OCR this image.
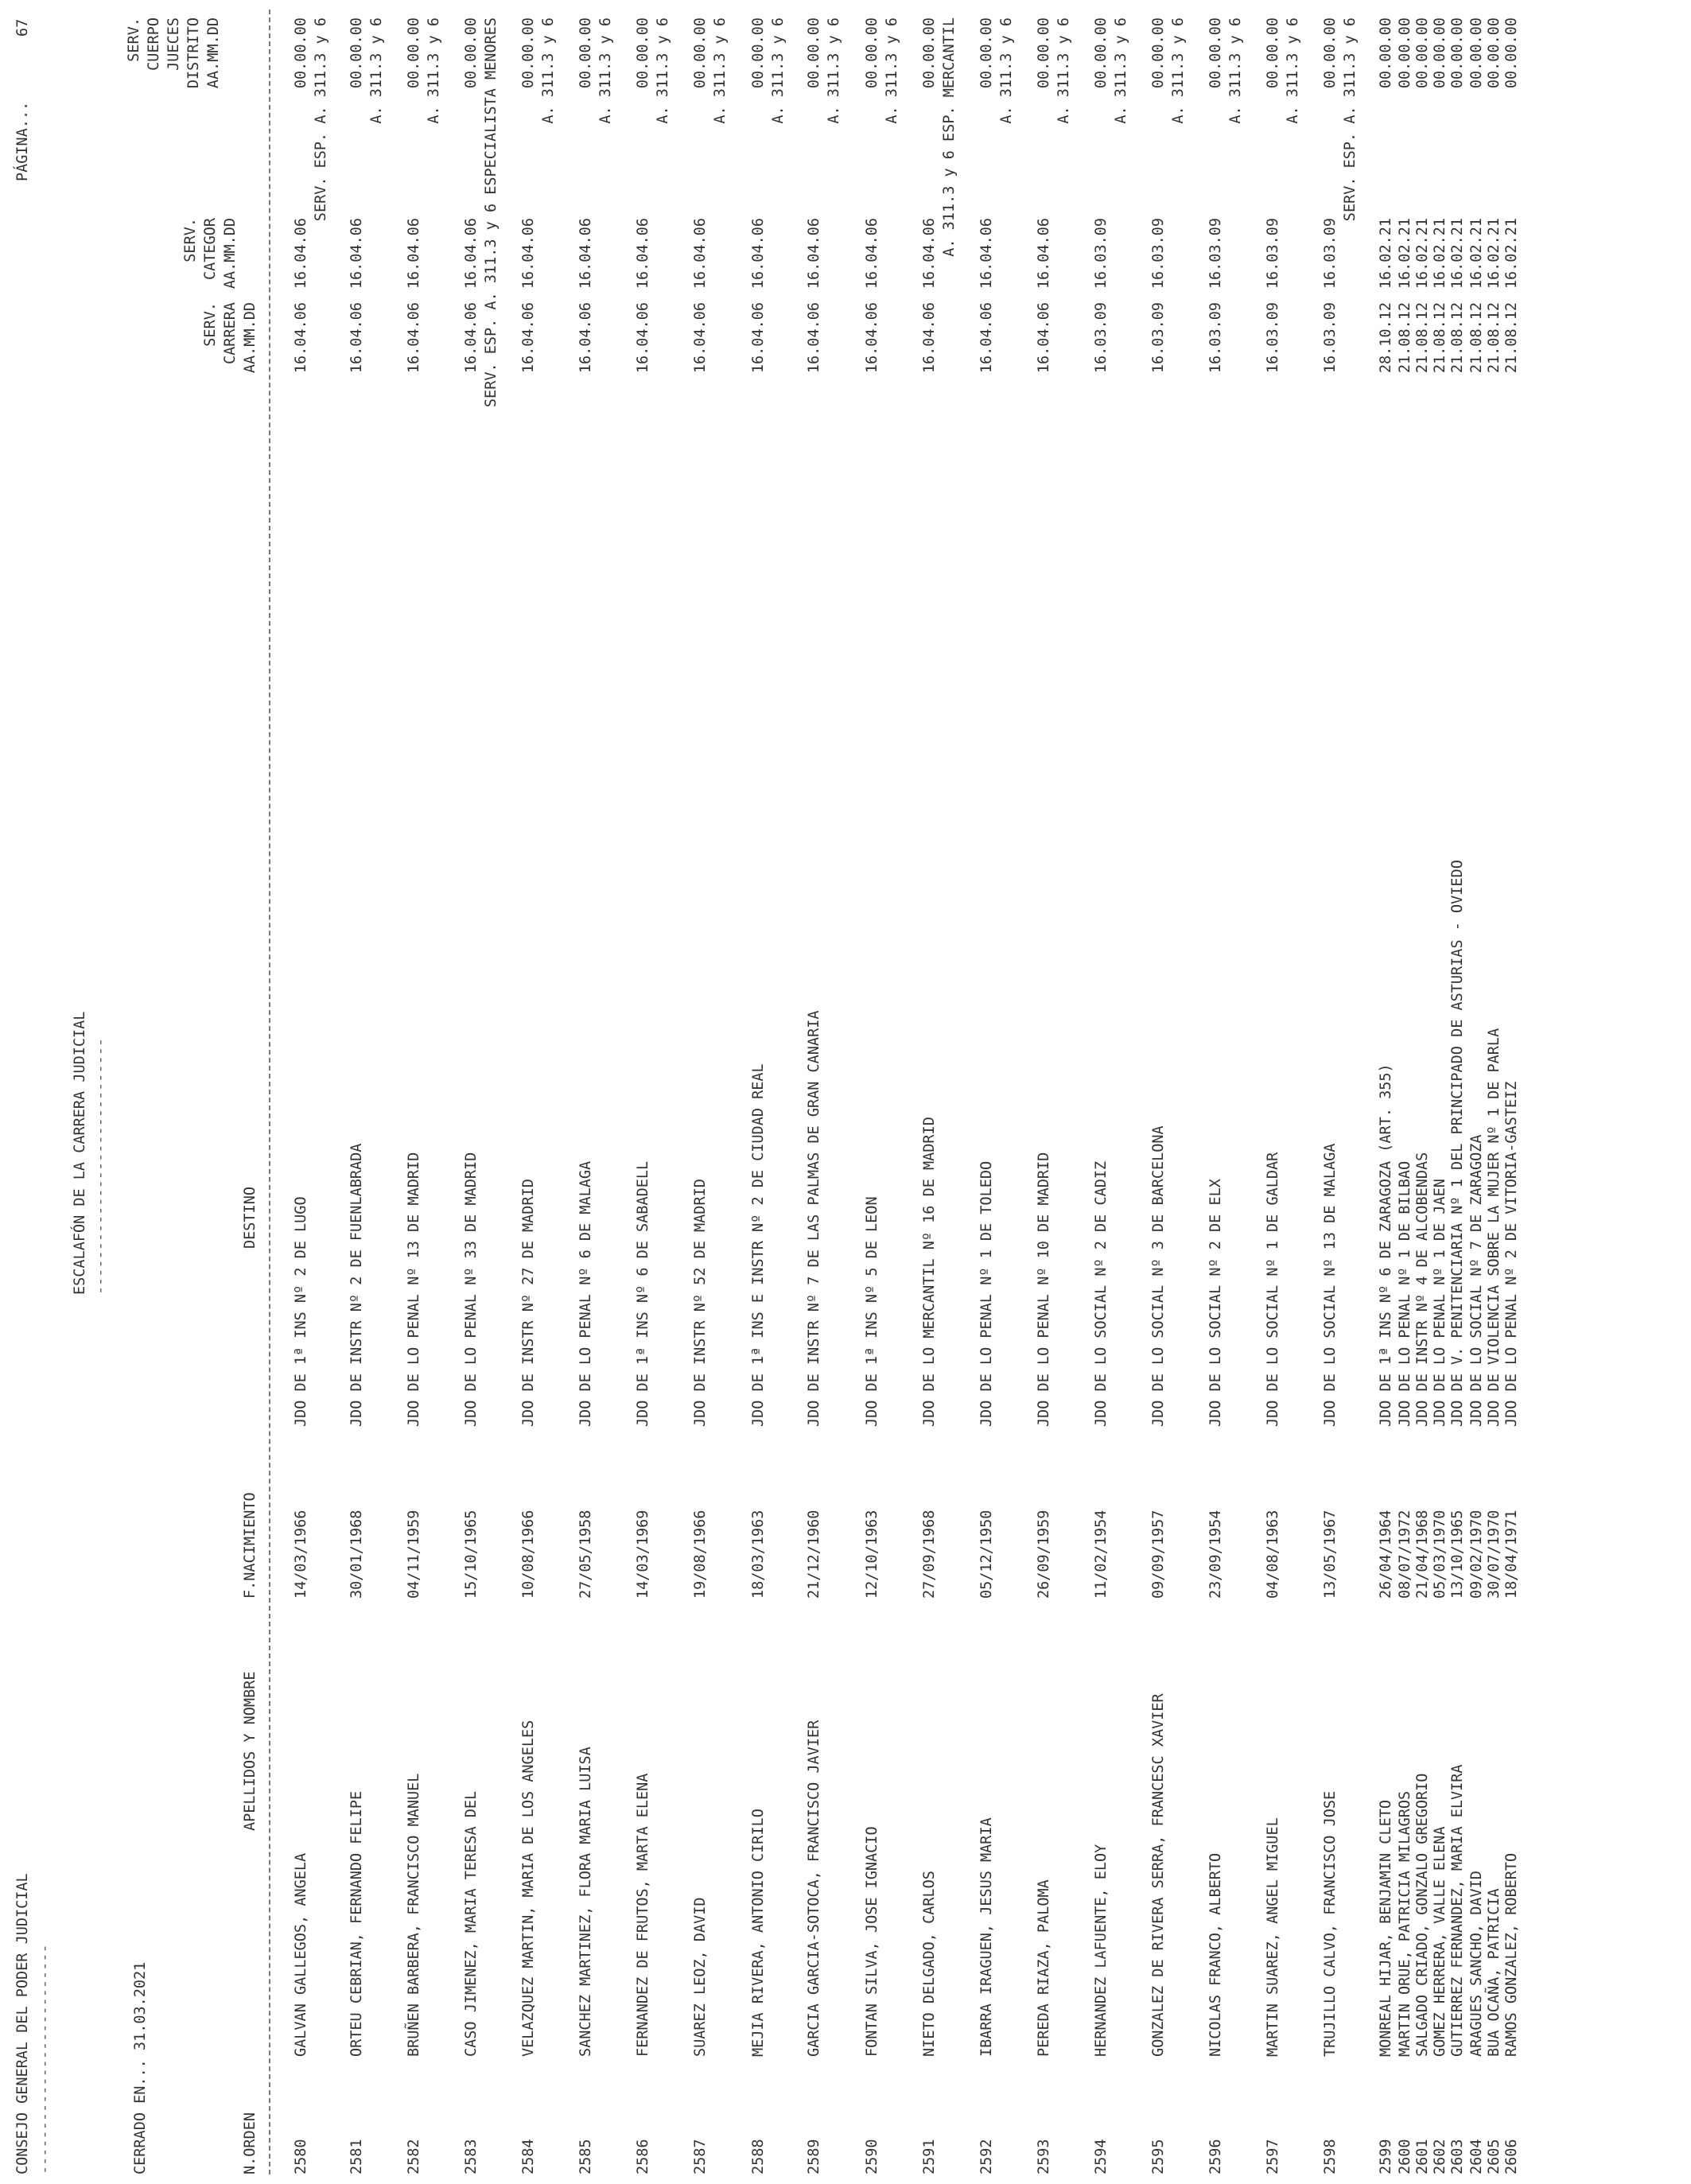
CONSEJO GENERAL DEL PODER JUDICIAL --------------------------
PÁGINA...
67
ESCALAFÓN DE LA CARRERA JUDICIAL -----------------------------
CERRADO EN... 31.03.2021	N.ORDEN
APELLIDOS Y NOMBRE
F.NACIMIENTO
DESTINO
SERV. CARRERA AA.MM.DD
SERV. CATEGOR AA.MM.DD
SERV. CUERPO JUECES DISTRITO AA.MM.DD
2580
GALVAN GALLEGOS, ANGELA
14/03/1966
JDO DE 1ª INS Nº 2 DE LUGO
16.04.06
16.04.06
00.00.00 SERV. ESP. A. 311.3 y 6
2581
ORTEU CEBRIAN, FERNANDO FELIPE
30/01/1968
JDO DE INSTR Nº 2 DE FUENLABRADA
16.04.06
16.04.06
00.00.00 A. 311.3 y 6
2582
BRUÑEN BARBERA, FRANCISCO MANUEL
04/11/1959
JDO DE LO PENAL Nº 13 DE MADRID
16.04.06
16.04.06
00.00.00 A. 311.3 y 6
2583
CASO JIMENEZ, MARIA TERESA DEL
15/10/1965
JDO DE LO PENAL Nº 33 DE MADRID
16.04.06
16.04.06
00.00.00 SERV. ESP. A. 311.3 y 6 ESPECIALISTA MENORES
2584
VELAZQUEZ MARTIN, MARIA DE LOS ANGELES
10/08/1966
JDO DE INSTR Nº 27 DE MADRID
16.04.06
16.04.06
00.00.00 A. 311.3 y 6
2585
SANCHEZ MARTINEZ, FLORA MARIA LUISA
27/05/1958
JDO DE LO PENAL Nº 6 DE MALAGA
16.04.06
16.04.06
00.00.00 A. 311.3 y 6
2586
FERNANDEZ DE FRUTOS, MARTA ELENA
14/03/1969
JDO DE 1ª INS Nº 6 DE SABADELL
16.04.06
16.04.06
00.00.00 A. 311.3 y 6
2587
SUAREZ LEOZ, DAVID
19/08/1966
JDO DE INSTR Nº 52 DE MADRID
16.04.06
16.04.06
00.00.00 A. 311.3 y 6
2588
MEJIA RIVERA, ANTONIO CIRILO
18/03/1963
JDO DE 1ª INS E INSTR Nº 2 DE CIUDAD REAL
16.04.06
16.04.06
00.00.00 A. 311.3 y 6
2589
GARCIA GARCIA-SOTOCA, FRANCISCO JAVIER
21/12/1960
JDO DE INSTR Nº 7 DE LAS PALMAS DE GRAN CANARIA
16.04.06
16.04.06
00.00.00 A. 311.3 y 6
2590
FONTAN SILVA, JOSE IGNACIO
12/10/1963
JDO DE 1ª INS Nº 5 DE LEON
16.04.06
16.04.06
00.00.00 A. 311.3 y 6
2591
NIETO DELGADO, CARLOS
27/09/1968
JDO DE LO MERCANTIL Nº 16 DE MADRID
16.04.06
16.04.06
00.00.00 A. 311.3 y 6 ESP. MERCANTIL
2592
IBARRA IRAGUEN, JESUS MARIA
05/12/1950
JDO DE LO PENAL Nº 1 DE TOLEDO
16.04.06
16.04.06
00.00.00 A. 311.3 y 6
2593
PEREDA RIAZA, PALOMA
26/09/1959
JDO DE LO PENAL Nº 10 DE MADRID
16.04.06
16.04.06
00.00.00 A. 311.3 y 6
2594
HERNANDEZ LAFUENTE, ELOY
11/02/1954
JDO DE LO SOCIAL Nº 2 DE CADIZ
16.03.09
16.03.09
00.00.00 A. 311.3 y 6
2595
GONZALEZ DE RIVERA SERRA, FRANCESC XAVIER
09/09/1957
JDO DE LO SOCIAL Nº 3 DE BARCELONA
16.03.09
16.03.09
00.00.00 A. 311.3 y 6
2596
NICOLAS FRANCO, ALBERTO
23/09/1954
JDO DE LO SOCIAL Nº 2 DE ELX
16.03.09
16.03.09
00.00.00 A. 311.3 y 6
2597
MARTIN SUAREZ, ANGEL MIGUEL
04/08/1963
JDO DE LO SOCIAL Nº 1 DE GALDAR
16.03.09
16.03.09
00.00.00 A. 311.3 y 6
2598
TRUJILLO CALVO, FRANCISCO JOSE
13/05/1967
JDO DE LO SOCIAL Nº 13 DE MALAGA
16.03.09
16.03.09
00.00.00 SERV. ESP. A. 311.3 y 6
2599
MONREAL HIJAR, BENJAMIN CLETO
26/04/1964
JDO DE 1ª INS Nº 6 DE ZARAGOZA (ART. 355)
28.10.12
16.02.21
00.00.00
2600
MARTIN ORUE, PATRICIA MILAGROS
08/07/1972
JDO DE LO PENAL Nº 1 DE BILBAO
21.08.12
16.02.21
00.00.00
2601
SALGADO CRIADO, GONZALO GREGORIO
21/04/1968
JDO DE INSTR Nº 4 DE ALCOBENDAS
21.08.12
16.02.21
00.00.00
2602
GOMEZ HERRERA, VALLE ELENA
05/03/1970
JDO DE LO PENAL Nº 1 DE JAEN
21.08.12
16.02.21
00.00.00
2603
GUTIERREZ FERNANDEZ, MARIA ELVIRA
13/10/1965
JDO DE V. PENITENCIARIA Nº 1 DEL PRINCIPADO DE ASTURIAS - OVIEDO
21.08.12
16.02.21
00.00.00
2604
ARAGUES SANCHO, DAVID
09/02/1970
JDO DE LO SOCIAL Nº 7 DE ZARAGOZA
21.08.12
16.02.21
00.00.00
2605
BUA OCAÑA, PATRICIA
30/07/1970
JDO DE VIOLENCIA SOBRE LA MUJER Nº 1 DE PARLA
21.08.12
16.02.21
00.00.00
2606
RAMOS GONZALEZ, ROBERTO
18/04/1971
JDO DE LO PENAL Nº 2 DE VITORIA-GASTEIZ
21.08.12
16.02.21
00.00.00
